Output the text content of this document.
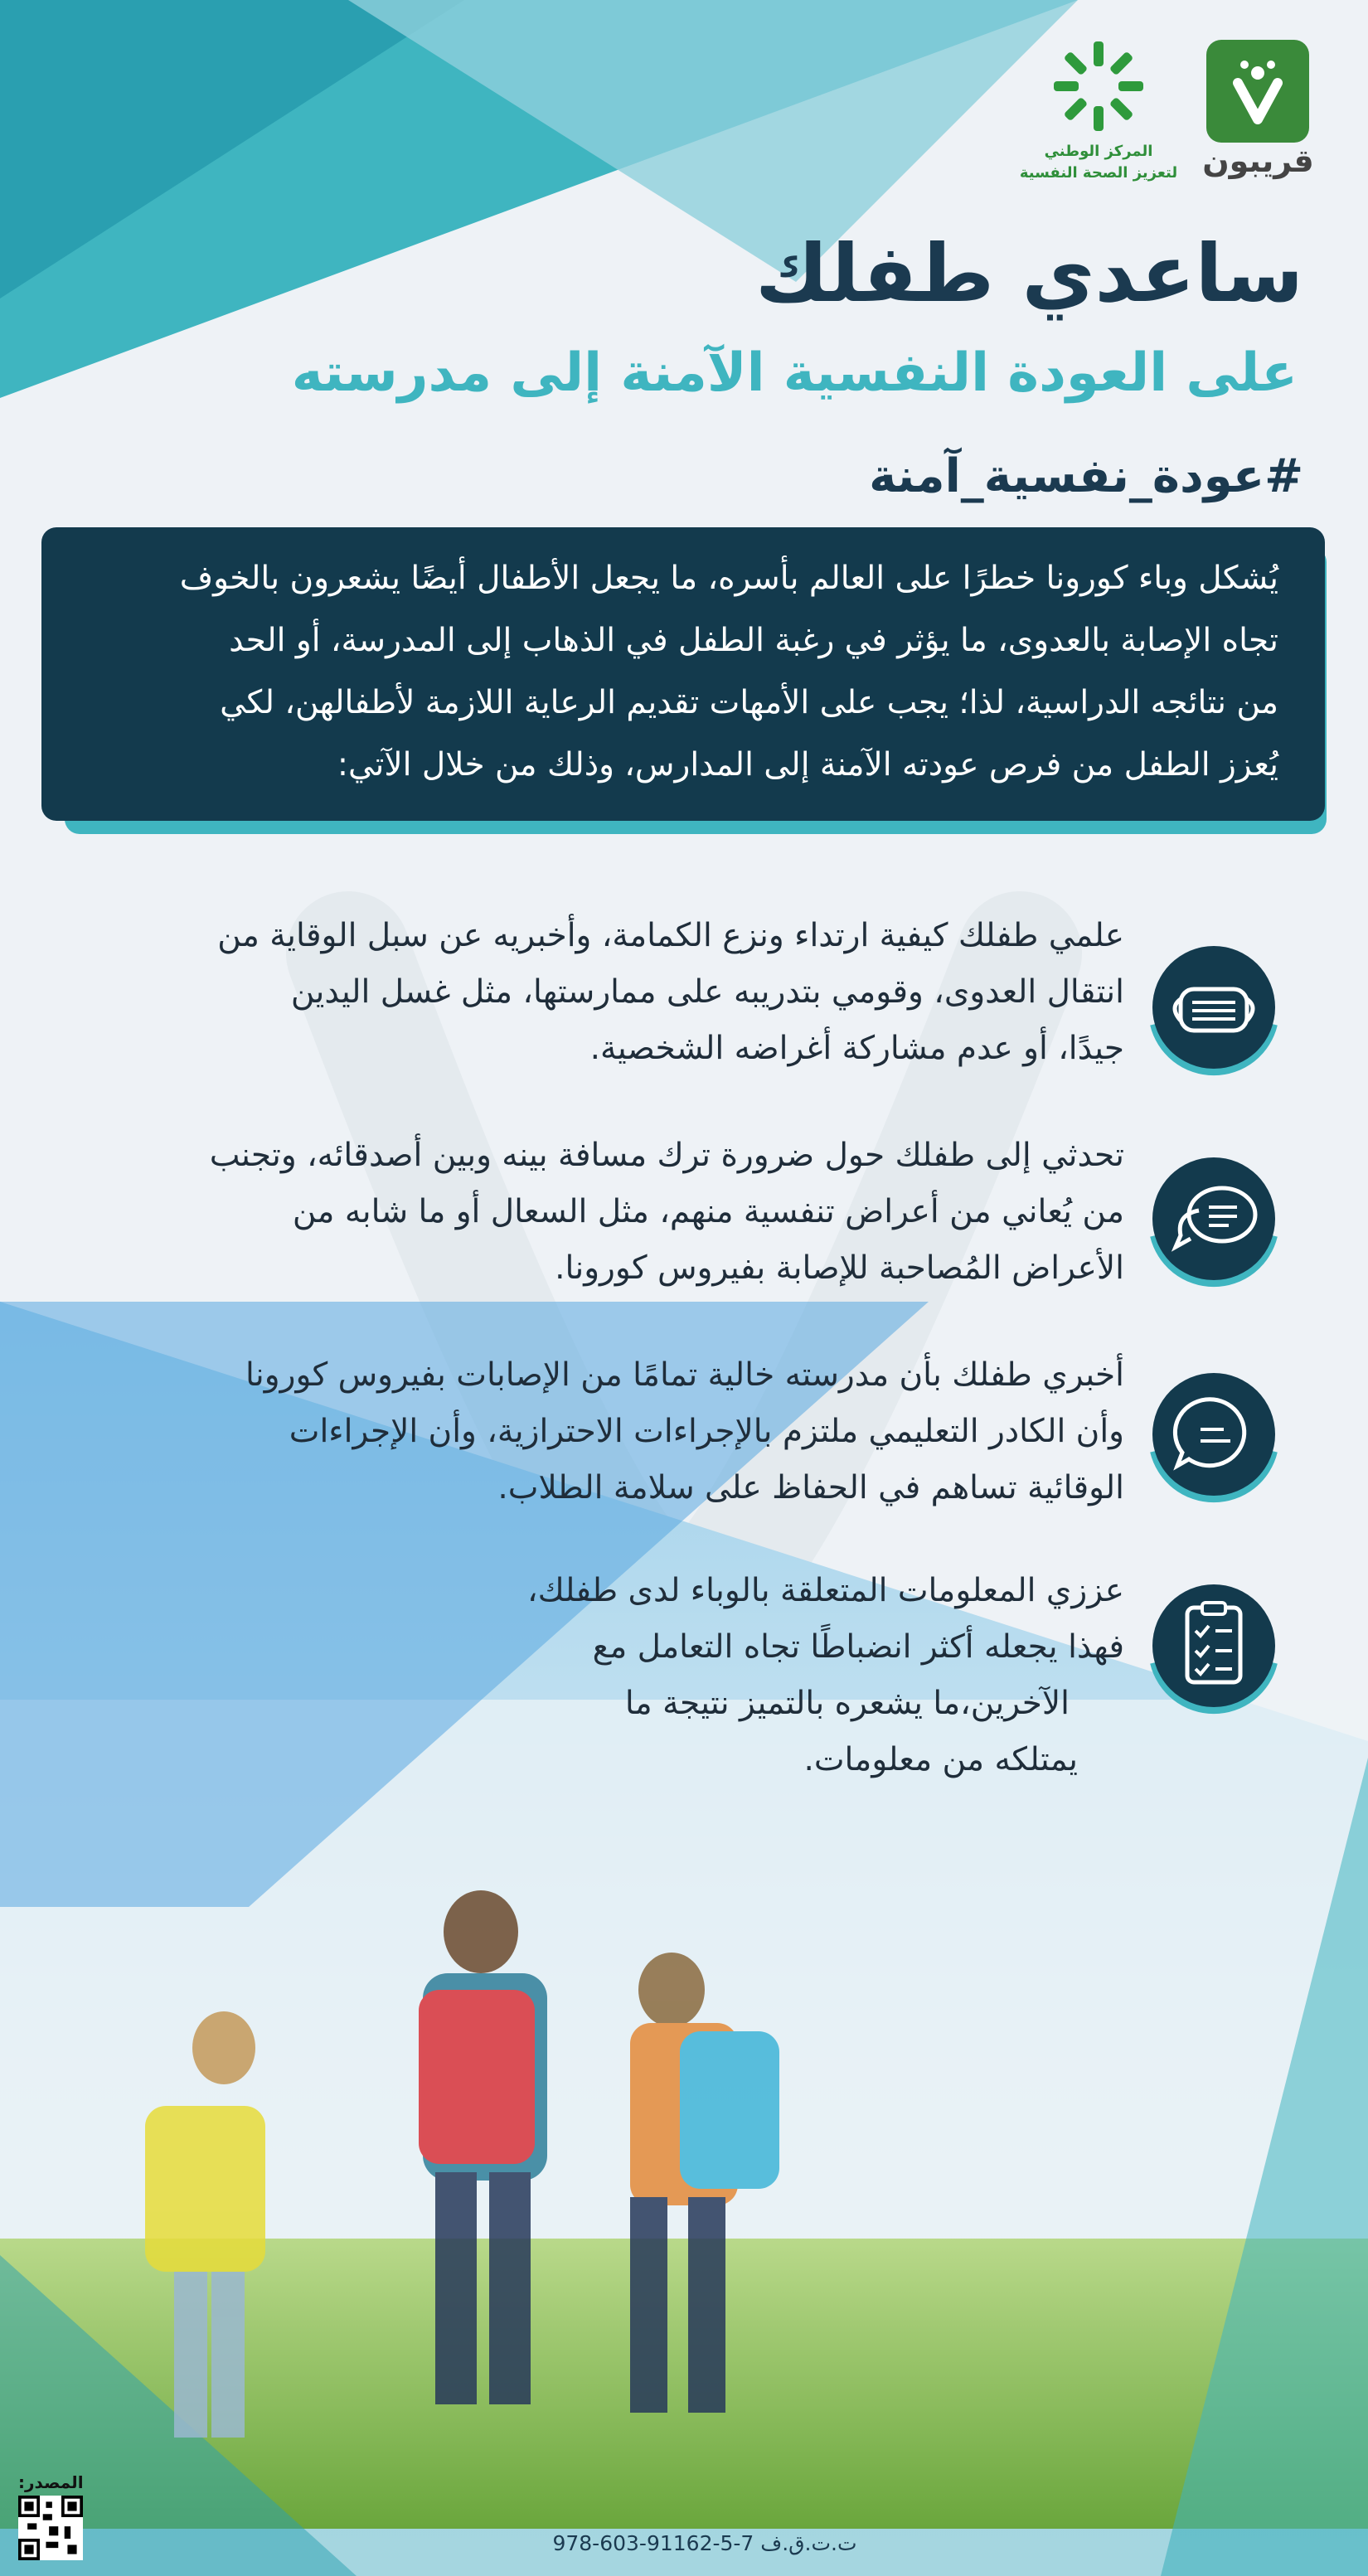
قريبون
المركز الوطني
لتعزيز الصحة النفسية
ساعدي طفلك
على العودة النفسية الآمنة إلى مدرسته
#عودة_نفسية_آمنة

يُشكل وباء كورونا خطرًا على العالم بأسره، ما يجعل الأطفال أيضًا يشعرون بالخوف

تجاه الإصابة بالعدوى، ما يؤثر في رغبة الطفل في الذهاب إلى المدرسة، أو الحد

من نتائجه الدراسية، لذا؛ يجب على الأمهات تقديم الرعاية اللازمة لأطفالهن، لكي

يُعزز الطفل من فرص عودته الآمنة إلى المدارس، وذلك من خلال الآتي:

علمي طفلك كيفية ارتداء ونزع الكمامة، وأخبريه عن سبل الوقاية من

انتقال العدوى، وقومي بتدريبه على ممارستها، مثل غسل اليدين

جيدًا، أو عدم مشاركة أغراضه الشخصية.

تحدثي إلى طفلك حول ضرورة ترك مسافة بينه وبين أصدقائه، وتجنب

من يُعاني من أعراض تنفسية منهم، مثل السعال أو ما شابه من

الأعراض المُصاحبة للإصابة بفيروس كورونا.

أخبري طفلك بأن مدرسته خالية تمامًا من الإصابات بفيروس كورونا

وأن الكادر التعليمي ملتزم بالإجراءات الاحترازية، وأن الإجراءات

الوقائية تساهم في الحفاظ على سلامة الطلاب.

عززي المعلومات المتعلقة بالوباء لدى طفلك،

فهذا يجعله أكثر انضباطًا تجاه التعامل مع

الآخرين،ما يشعره بالتميز نتيجة ما

يمتلكه من معلومات.

978-603-91162-5-7 ت.ت.ق.ف
المصدر:
